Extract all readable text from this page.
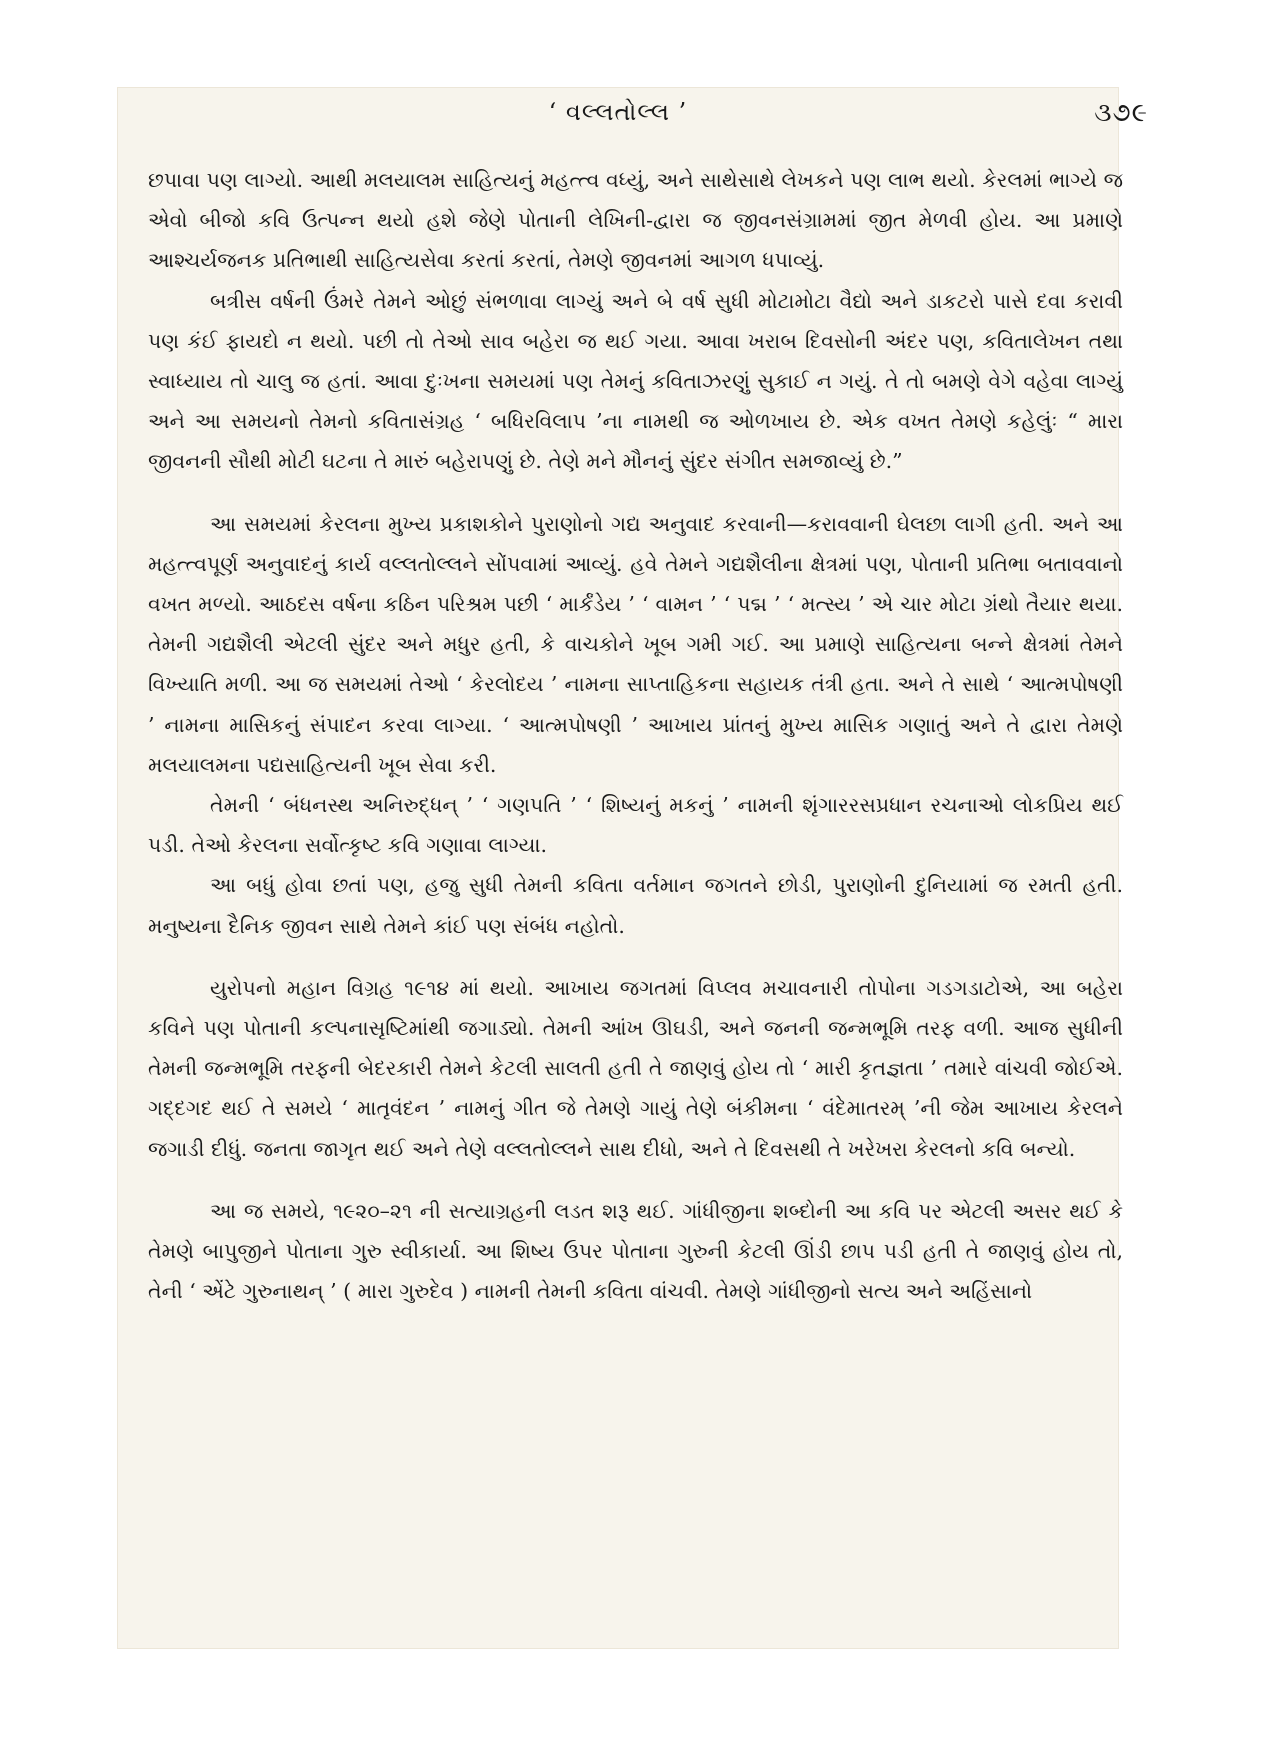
‘ વલ્લતોલ્લ ’	૩૭૯

છપાવા પણ લાગ્યો. આથી મલયાલમ સાહિત્યનું મહત્ત્વ વધ્યું, અને સાથેસાથે લેખકને પણ લાભ થયો. કેરલમાં ભાગ્યે જ એવો બીજો કવિ ઉત્પન્ન થયો હશે જેણે પોતાની લેખિની-દ્વારા જ જીવનસંગ્રામમાં જીત મેળવી હોય. આ પ્રમાણે આશ્ચર્યજનક પ્રતિભાથી સાહિત્યસેવા કરતાં કરતાં, તેમણે જીવનમાં આગળ ધપાવ્યું.

બત્રીસ વર્ષની ઉંમરે તેમને ઓછું સંભળાવા લાગ્યું અને બે વર્ષ સુધી મોટામોટા વૈદ્યો અને ડાકટરો પાસે દવા કરાવી પણ કંઈ ફાયદો ન થયો. પછી તો તેઓ સાવ બહેરા જ થઈ ગયા. આવા ખરાબ દિવસોની અંદર પણ, કવિતાલેખન તથા સ્વાધ્યાય તો ચાલુ જ હતાં. આવા દુઃખના સમયમાં પણ તેમનું કવિતાઝરણું સુકાઈ ન ગયું. તે તો બમણે વેગે વહેવા લાગ્યું અને આ સમયનો તેમનો કવિતાસંગ્રહ ‘ બધિરવિલાપ ’ના નામથી જ ઓળખાય છે. એક વખત તેમણે કહેલુંઃ “ મારા જીવનની સૌથી મોટી ઘટના તે મારું બહેરાપણું છે. તેણે મને મૌનનું સુંદર સંગીત સમજાવ્યું છે.”

આ સમયમાં કેરલના મુખ્ય પ્રકાશકોને પુરાણોનો ગદ્ય અનુવાદ કરવાની—કરાવવાની ઘેલછા લાગી હતી. અને આ મહત્ત્વપૂર્ણ અનુવાદનું કાર્ય વલ્લતોલ્લને સોંપવામાં આવ્યું. હવે તેમને ગદ્યશૈલીના ક્ષેત્રમાં પણ, પોતાની પ્રતિભા બતાવવાનો વખત મળ્યો. આઠદસ વર્ષના કઠિન પરિશ્રમ પછી ‘ માર્કંડેય ’ ‘ વામન ’ ‘ પદ્મ ’ ‘ મત્સ્ય ’ એ ચાર મોટા ગ્રંથો તૈયાર થયા. તેમની ગદ્યશૈલી એટલી સુંદર અને મધુર હતી, કે વાચકોને ખૂબ ગમી ગઈ. આ પ્રમાણે સાહિત્યના બન્ને ક્ષેત્રમાં તેમને વિખ્યાતિ મળી. આ જ સમયમાં તેઓ ‘ કેરલોદય ’ નામના સાપ્તાહિકના સહાયક તંત્રી હતા. અને તે સાથે ‘ આત્મપોષણી ’ નામના માસિકનું સંપાદન કરવા લાગ્યા. ‘ આત્મપોષણી ’ આખાય પ્રાંતનું મુખ્ય માસિક ગણાતું અને તે દ્વારા તેમણે મલયાલમના પદ્યસાહિત્યની ખૂબ સેવા કરી.

તેમની ‘ બંધનસ્થ અનિરુદ્ધન્ ’ ‘ ગણપતિ ’ ‘ શિષ્યનું મકનું ’ નામની શૃંગારરસપ્રધાન રચનાઓ લોકપ્રિય થઈ પડી. તેઓ કેરલના સર્વોત્કૃષ્ટ કવિ ગણાવા લાગ્યા.

આ બધું હોવા છતાં પણ, હજુ સુધી તેમની કવિતા વર્તમાન જગતને છોડી, પુરાણોની દુનિયામાં જ રમતી હતી. મનુષ્યના દૈનિક જીવન સાથે તેમને કાંઈ પણ સંબંધ નહોતો.

યુરોપનો મહાન વિગ્રહ ૧૯૧૪ માં થયો. આખાય જગતમાં વિપ્લવ મચાવનારી તોપોના ગડગડાટોએ, આ બહેરા કવિને પણ પોતાની કલ્પનાસૃષ્ટિમાંથી જગાડ્યો. તેમની આંખ ઊઘડી, અને જનની જન્મભૂમિ તરફ વળી. આજ સુધીની તેમની જન્મભૂમિ તરફની બેદરકારી તેમને કેટલી સાલતી હતી તે જાણવું હોય તો ‘ મારી કૃતજ્ઞતા ’ તમારે વાંચવી જોઈએ. ગદ્દગદ થઈ તે સમયે ‘ માતૃવંદન ’ નામનું ગીત જે તેમણે ગાયું તેણે બંકીમના ‘ વંદેમાતરમ્ ’ની જેમ આખાય કેરલને જગાડી દીધું. જનતા જાગૃત થઈ અને તેણે વલ્લતોલ્લને સાથ દીધો, અને તે દિવસથી તે ખરેખરા કેરલનો કવિ બન્યો.

આ જ સમયે, ૧૯૨૦–૨૧ ની સત્યાગ્રહની લડત શરૂ થઈ. ગાંધીજીના શબ્દોની આ કવિ પર એટલી અસર થઈ કે તેમણે બાપુજીને પોતાના ગુરુ સ્વીકાર્યા. આ શિષ્ય ઉપર પોતાના ગુરુની કેટલી ઊંડી છાપ પડી હતી તે જાણવું હોય તો, તેની ‘ એંટે ગુરુનાથન્ ’ ( મારા ગુરુદેવ ) નામની તેમની કવિતા વાંચવી. તેમણે ગાંધીજીનો સત્ય અને અહિંસાનો
